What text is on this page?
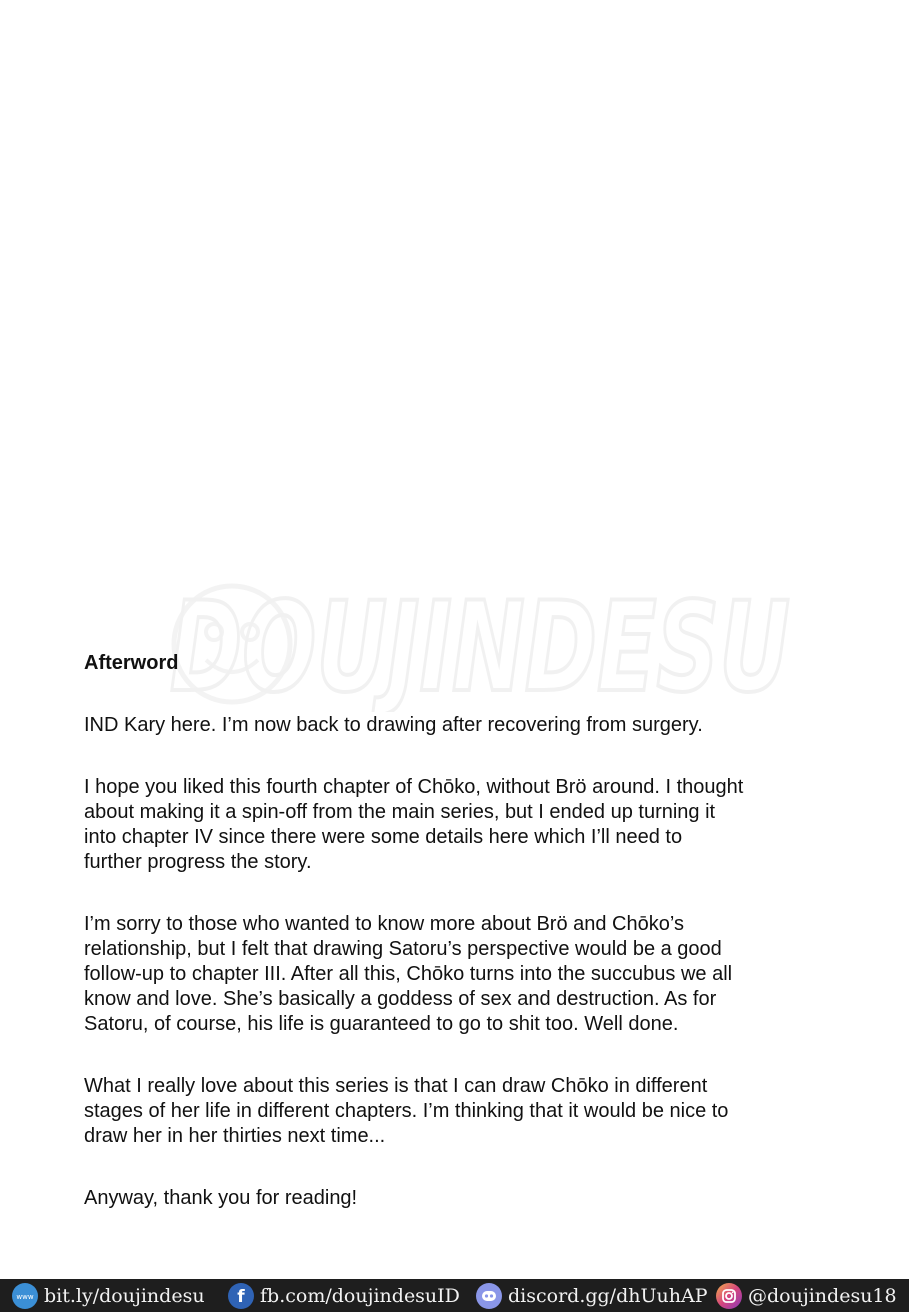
DOUJINDESU
Afterword
IND Kary here. I’m now back to drawing after recovering from surgery.
I hope you liked this fourth chapter of Chōko, without Brö around. I thought
about making it a spin-off from the main series, but I ended up turning it
into chapter IV since there were some details here which I’ll need to
further progress the story.
I’m sorry to those who wanted to know more about Brö and Chōko’s
relationship, but I felt that drawing Satoru’s perspective would be a good
follow-up to chapter III. After all this, Chōko turns into the succubus we all
know and love. She’s basically a goddess of sex and destruction. As for
Satoru, of course, his life is guaranteed to go to shit too. Well done.
What I really love about this series is that I can draw Chōko in different
stages of her life in different chapters. I’m thinking that it would be nice to
draw her in her thirties next time...
Anyway, thank you for reading!
www bit.ly/doujindesu f fb.com/doujindesuID	discord.gg/dhUuhAP @doujindesu18
